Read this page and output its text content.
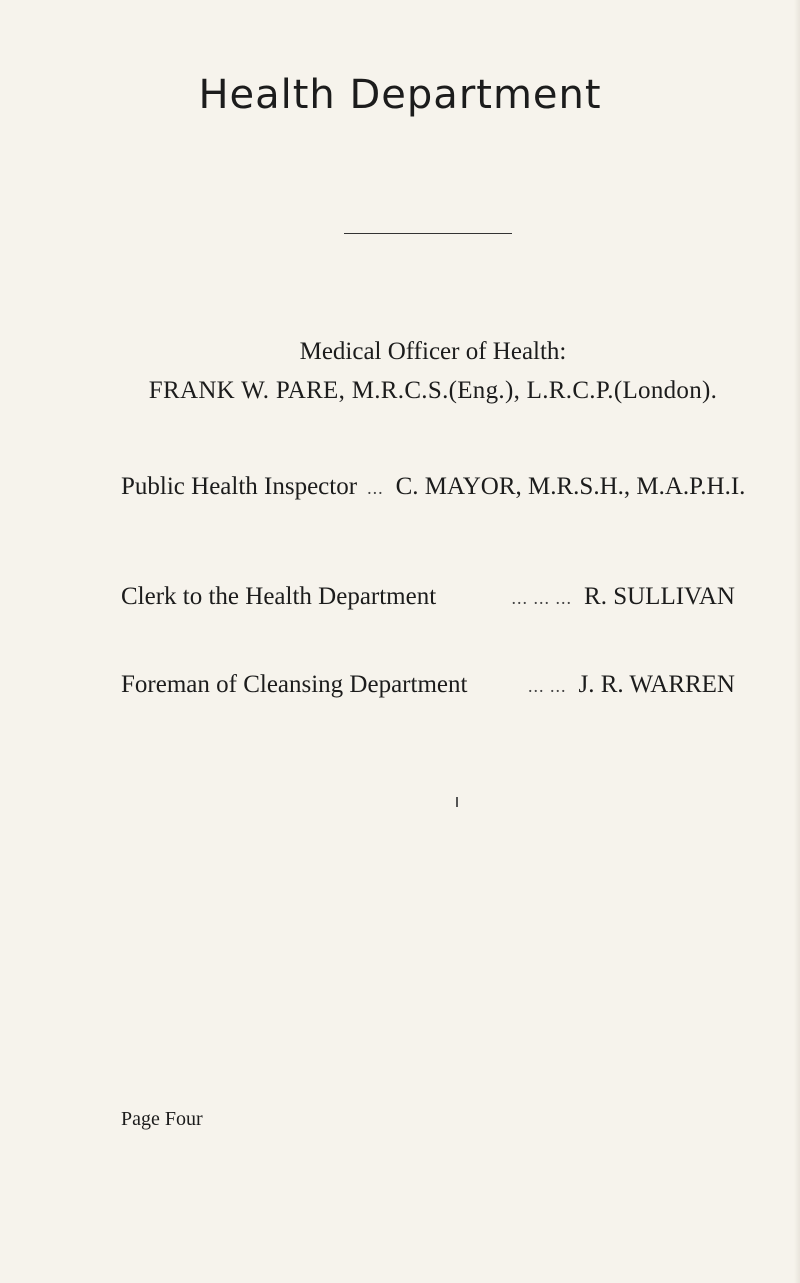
Health Department
Medical Officer of Health:
FRANK W. PARE, M.R.C.S.(Eng.), L.R.C.P.(London).
Public Health Inspector ... C. MAYOR, M.R.S.H., M.A.P.H.I.
Clerk to the Health Department	... ... ... R. SULLIVAN
Foreman of Cleansing Department	... ... J. R. WARREN
Page Four
